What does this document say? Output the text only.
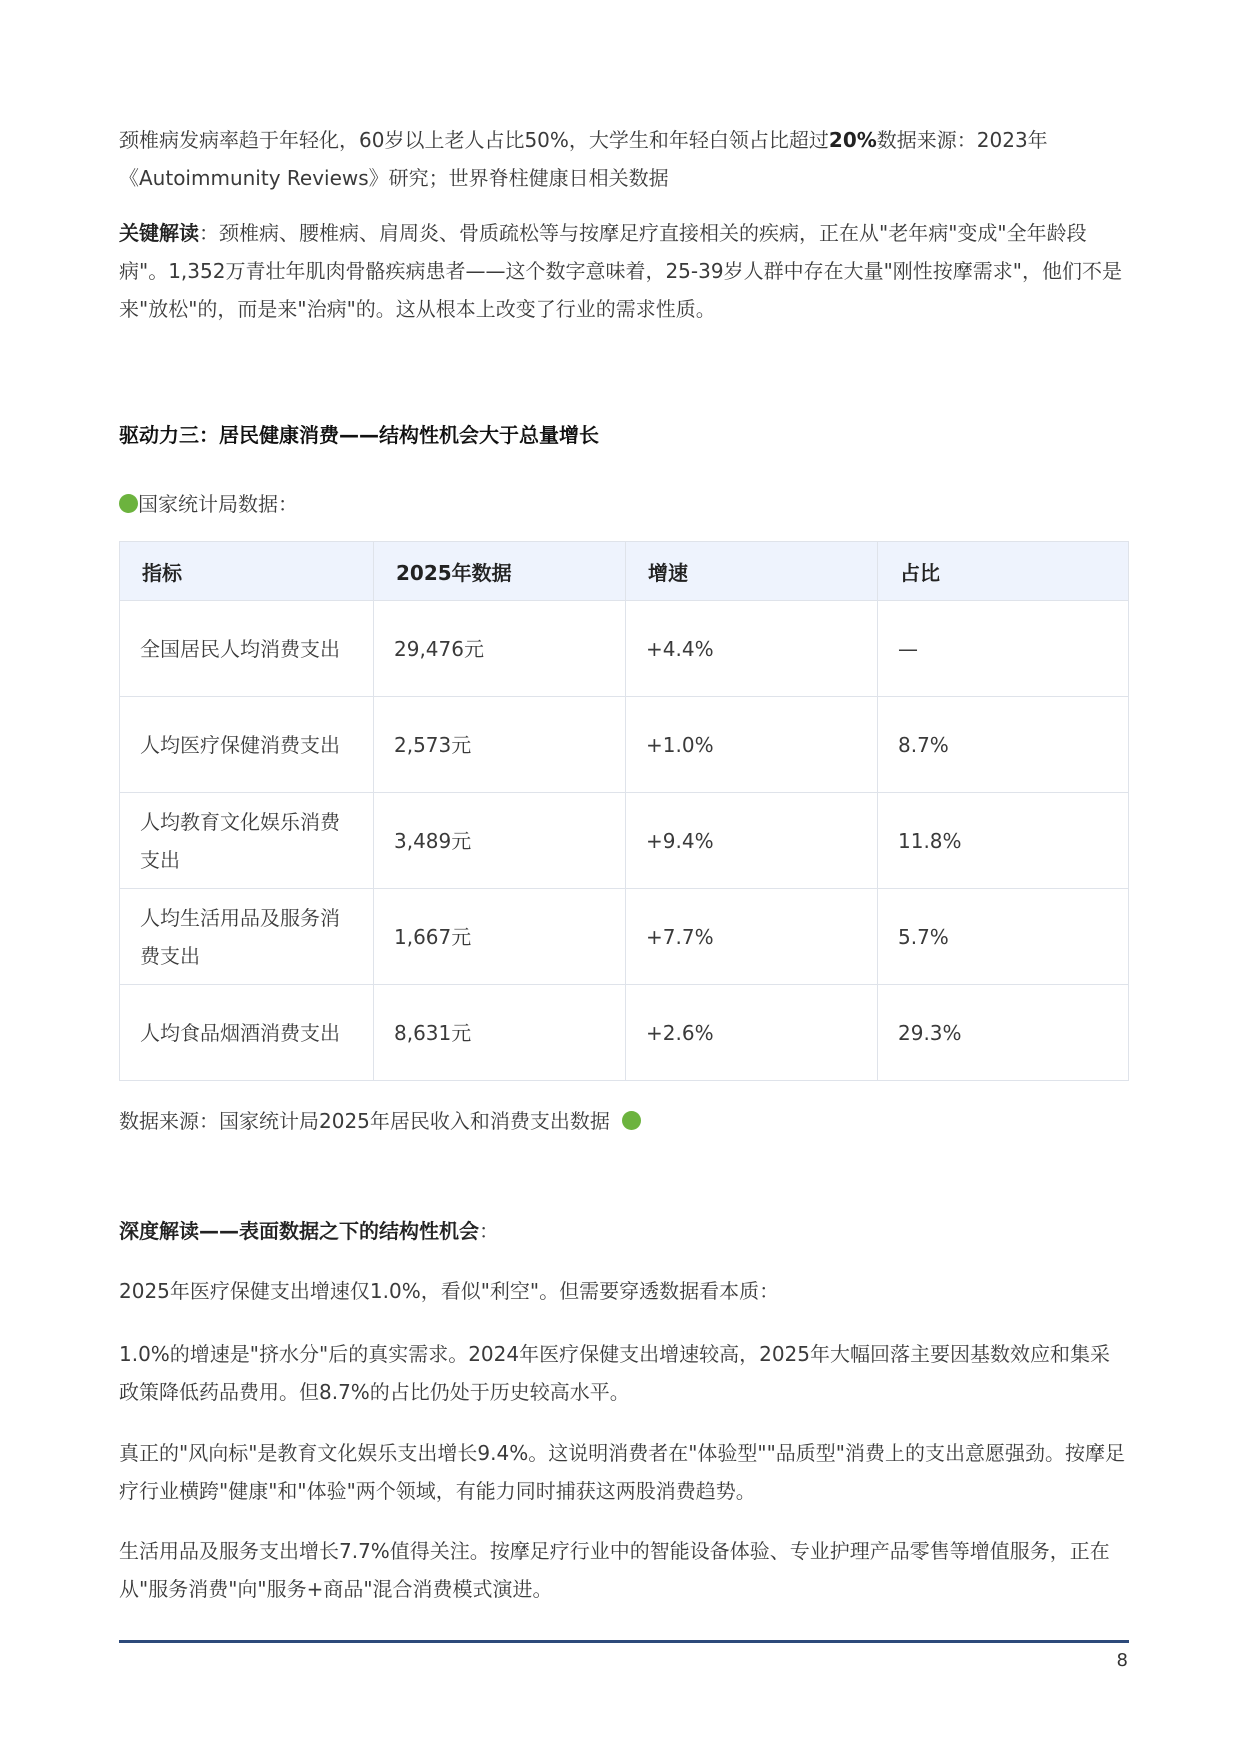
颈椎病发病率趋于年轻化，60岁以上老人占比50%，大学生和年轻白领占比超过20%数据来源：2023年《Autoimmunity Reviews》研究；世界脊柱健康日相关数据

关键解读：颈椎病、腰椎病、肩周炎、骨质疏松等与按摩足疗直接相关的疾病，正在从"老年病"变成"全年龄段病"。1,352万青壮年肌肉骨骼疾病患者——这个数字意味着，25-39岁人群中存在大量"刚性按摩需求"，他们不是来"放松"的，而是来"治病"的。这从根本上改变了行业的需求性质。

驱动力三：居民健康消费——结构性机会大于总量增长
国家统计局数据：
指标	2025年数据	增速	占比
全国居民人均消费支出	29,476元	+4.4%	—
人均医疗保健消费支出	2,573元	+1.0%	8.7%
人均教育文化娱乐消费支出	3,489元	+9.4%	11.8%
人均生活用品及服务消费支出	1,667元	+7.7%	5.7%
人均食品烟酒消费支出	8,631元	+2.6%	29.3%
数据来源：国家统计局2025年居民收入和消费支出数据
深度解读——表面数据之下的结构性机会：

2025年医疗保健支出增速仅1.0%，看似"利空"。但需要穿透数据看本质：

1.0%的增速是"挤水分"后的真实需求。2024年医疗保健支出增速较高，2025年大幅回落主要因基数效应和集采政策降低药品费用。但8.7%的占比仍处于历史较高水平。

真正的"风向标"是教育文化娱乐支出增长9.4%。这说明消费者在"体验型""品质型"消费上的支出意愿强劲。按摩足疗行业横跨"健康"和"体验"两个领域，有能力同时捕获这两股消费趋势。

生活用品及服务支出增长7.7%值得关注。按摩足疗行业中的智能设备体验、专业护理产品零售等增值服务，正在从"服务消费"向"服务+商品"混合消费模式演进。

8
